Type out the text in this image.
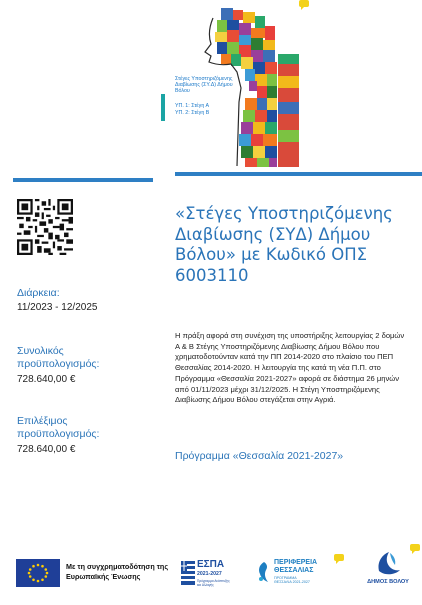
Στέγες Υποστηριζόμενης
Διαβίωσης (ΣΥ.Δ) Δήμου
Βόλου
ΥΠ. 1: Στέγη Α
ΥΠ. 2: Στέγη Β
Διάρκεια:
11/2023 - 12/2025
Συνολικός προϋπολογισμός:
728.640,00 €
Επιλέξιμος προϋπολογισμός:
728.640,00 €
«Στέγες Υποστηριζόμενης Διαβίωσης (ΣΥΔ) Δήμου Βόλου» με Κωδικό ΟΠΣ 6003110
Η πράξη αφορά στη συνέχιση της υποστήριξης λειτουργίας 2 δομών Α & Β Στέγης Υποστηριζόμενης Διαβίωσης Δήμου Βόλου που χρηματοδοτούνταν κατά την ΠΠ 2014-2020 στο πλαίσιο του ΠΕΠ Θεσσαλίας 2014-2020. Η λειτουργία της κατά τη νέα Π.Π. στο Πρόγραμμα «Θεσσαλία 2021-2027» αφορά σε διάστημα 26 μηνών από 01/11/2023 μέχρι 31/12/2025. Η Στέγη Υποστηριζόμενης Διαβίωσης Δήμου Βόλου στεγάζεται στην Αγριά.
Πρόγραμμα «Θεσσαλία 2021-2027»
Με τη συγχρηματοδότηση της Ευρωπαϊκής Ένωσης
ΕΣΠΑ
2021-2027
Πρόγραμμα Ανάπτυξης και Αλλαγής
ΠΕΡΙΦΕΡΕΙΑ
ΘΕΣΣΑΛΙΑΣ
ΠΡΟΓΡΑΜΜΑ
ΘΕΣΣΑΛΙΑ 2021-2027	ΔΗΜΟΣ ΒΟΛΟΥ
